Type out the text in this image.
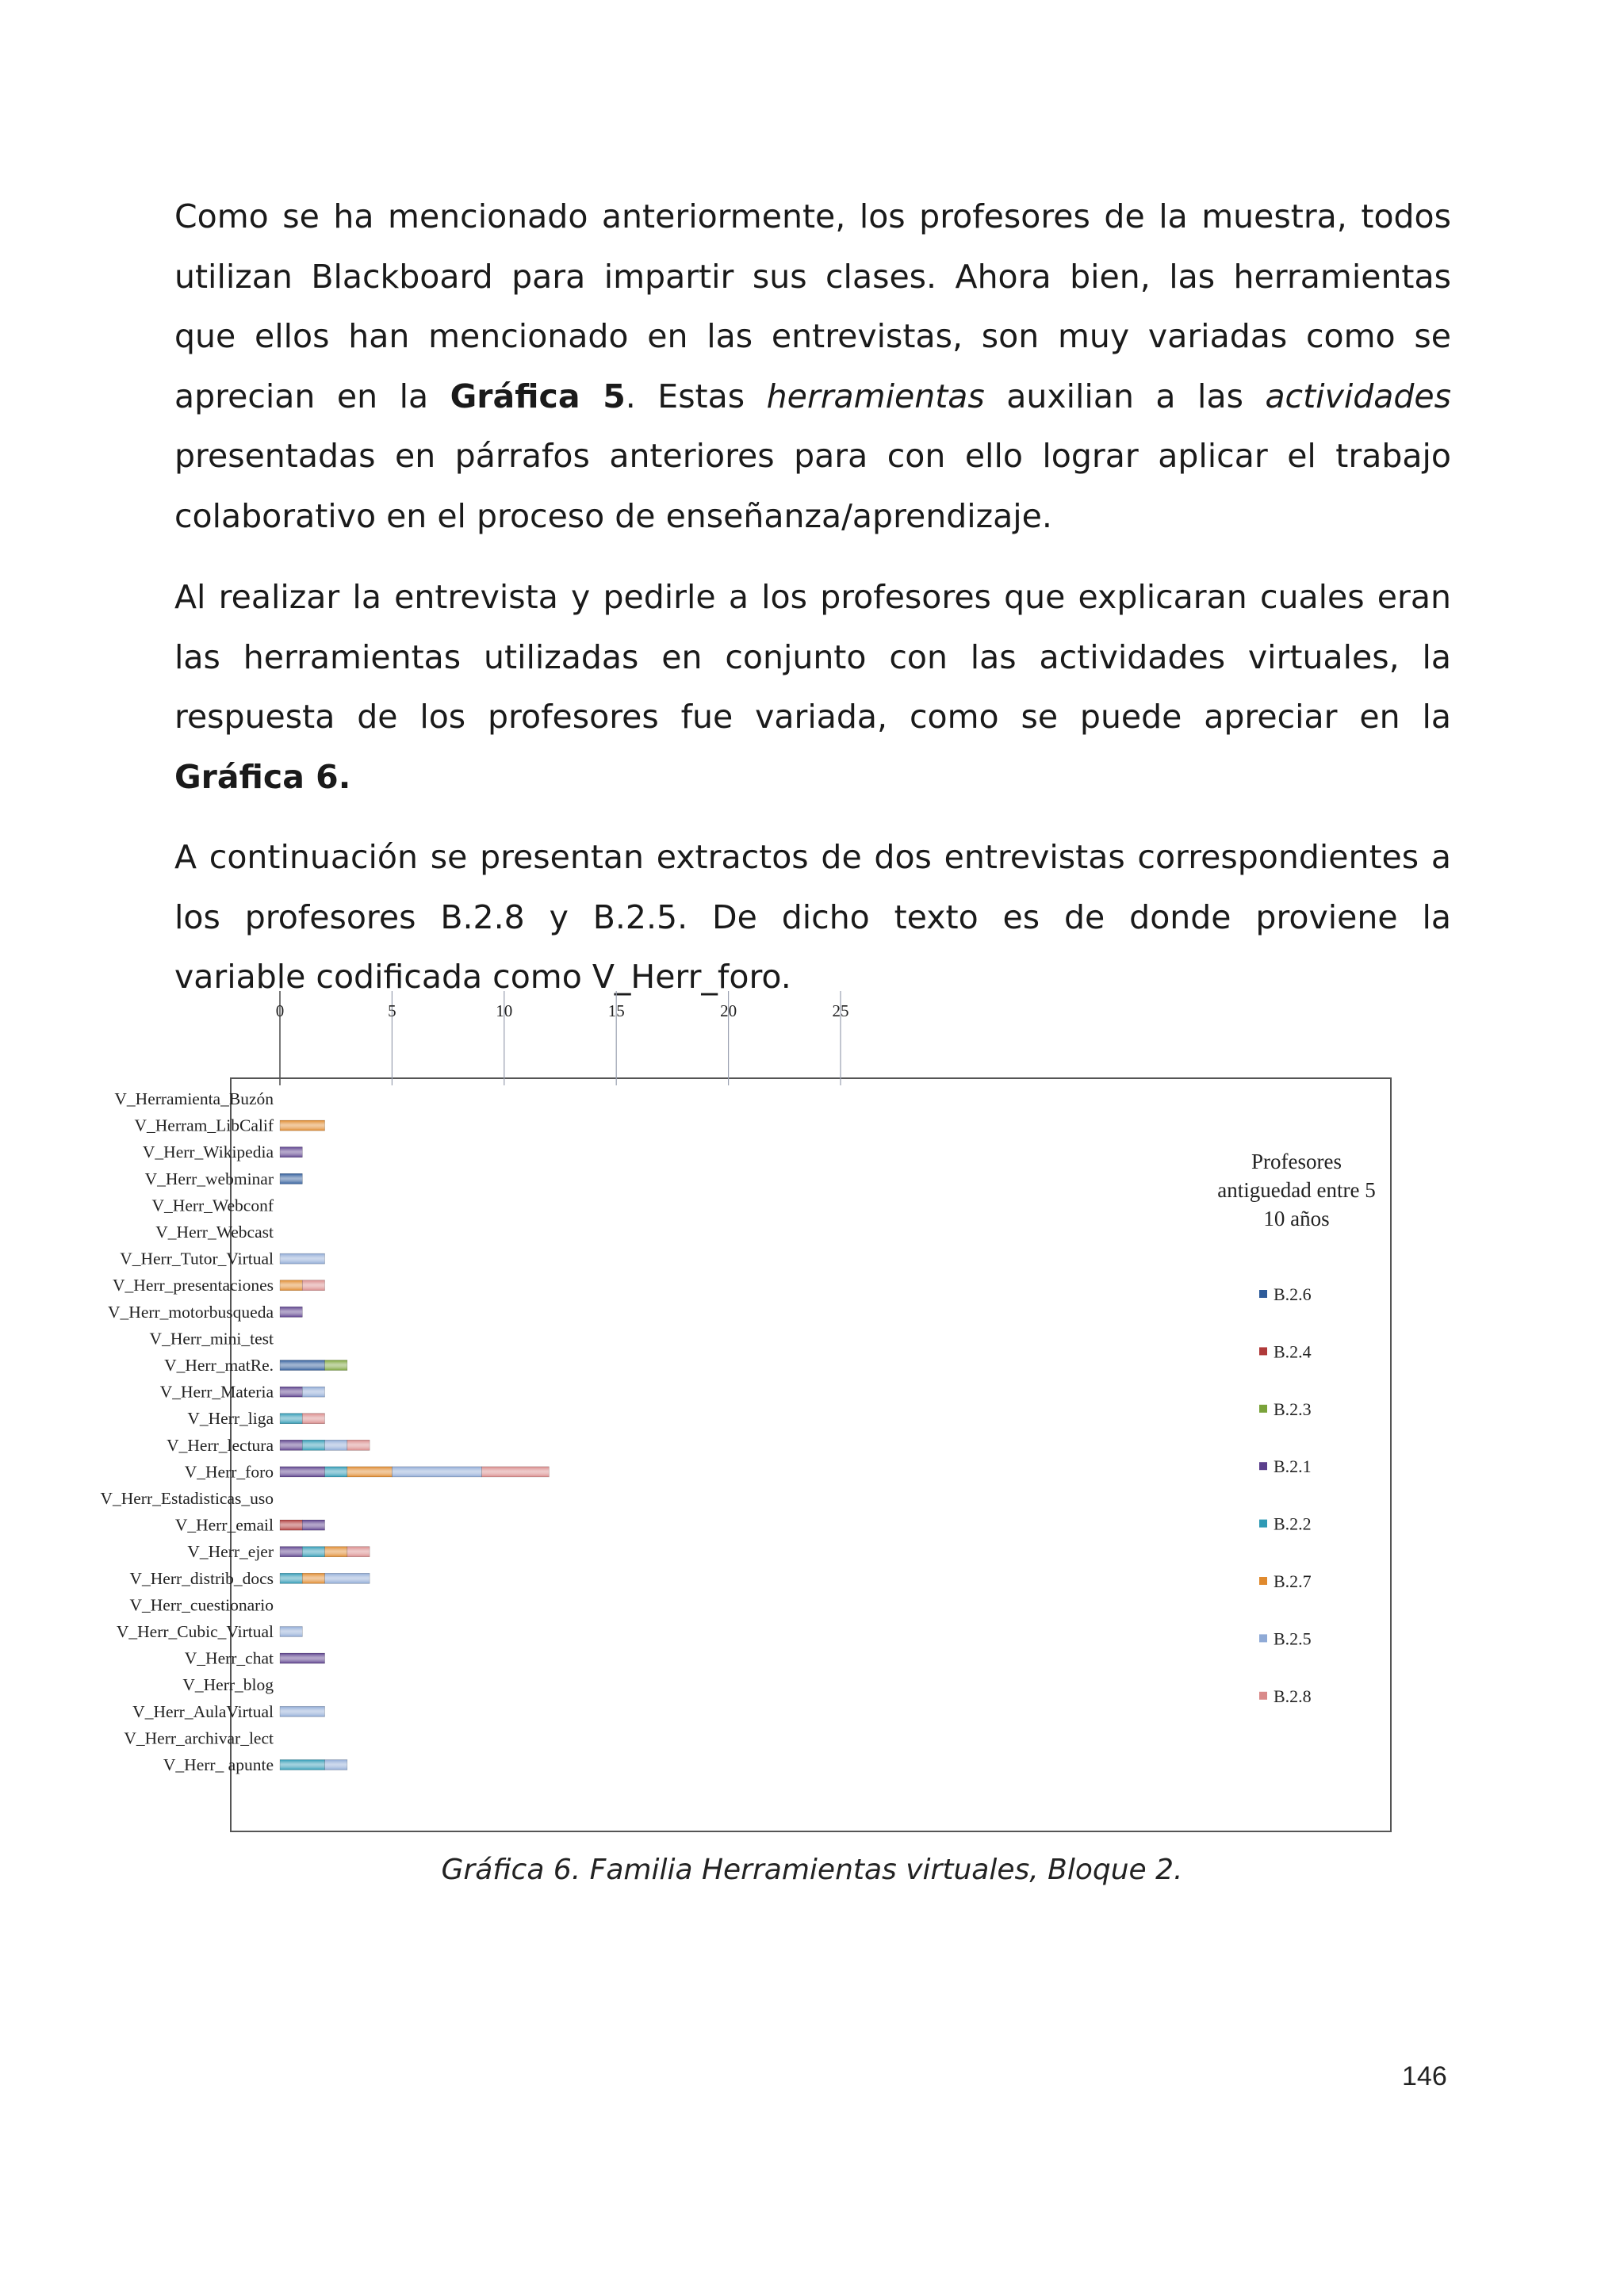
Como se ha mencionado anteriormente, los profesores de la muestra, todos
utilizan Blackboard para impartir sus clases. Ahora bien, las herramientas
que ellos han mencionado en las entrevistas, son muy variadas como se
aprecian en la Gráfica 5. Estas herramientas auxilian a las actividades
presentadas en párrafos anteriores para con ello lograr aplicar el trabajo
colaborativo en el proceso de enseñanza/aprendizaje.

Al realizar la entrevista y pedirle a los profesores que explicaran cuales eran
las herramientas utilizadas en conjunto con las actividades virtuales, la
respuesta de los profesores fue variada, como se puede apreciar en la
Gráfica 6.

A continuación se presentan extractos de dos entrevistas correspondientes a
los profesores B.2.8 y B.2.5. De dicho texto es de donde proviene la
variable codificada como V_Herr_foro.

0	5	10	15	20	25
V_Herramienta_Buzón
V_Herram_LibCalif
V_Herr_Wikipedia
V_Herr_webminar
V_Herr_Webconf
V_Herr_Webcast
V_Herr_Tutor_Virtual
V_Herr_presentaciones
V_Herr_motorbusqueda
V_Herr_mini_test
V_Herr_matRe.
V_Herr_Materia
V_Herr_liga
V_Herr_lectura
V_Herr_foro
V_Herr_Estadisticas_uso
V_Herr_email
V_Herr_ejer
V_Herr_distrib_docs
V_Herr_cuestionario
V_Herr_Cubic_Virtual
V_Herr_chat
V_Herr_blog
V_Herr_AulaVirtual
V_Herr_archivar_lect
V_Herr_ apunte
Profesores
antiguedad entre 5
10 años
B.2.6
B.2.4
B.2.3
B.2.1
B.2.2
B.2.7
B.2.5
B.2.8
Gráfica 6. Familia Herramientas virtuales, Bloque 2.
146
